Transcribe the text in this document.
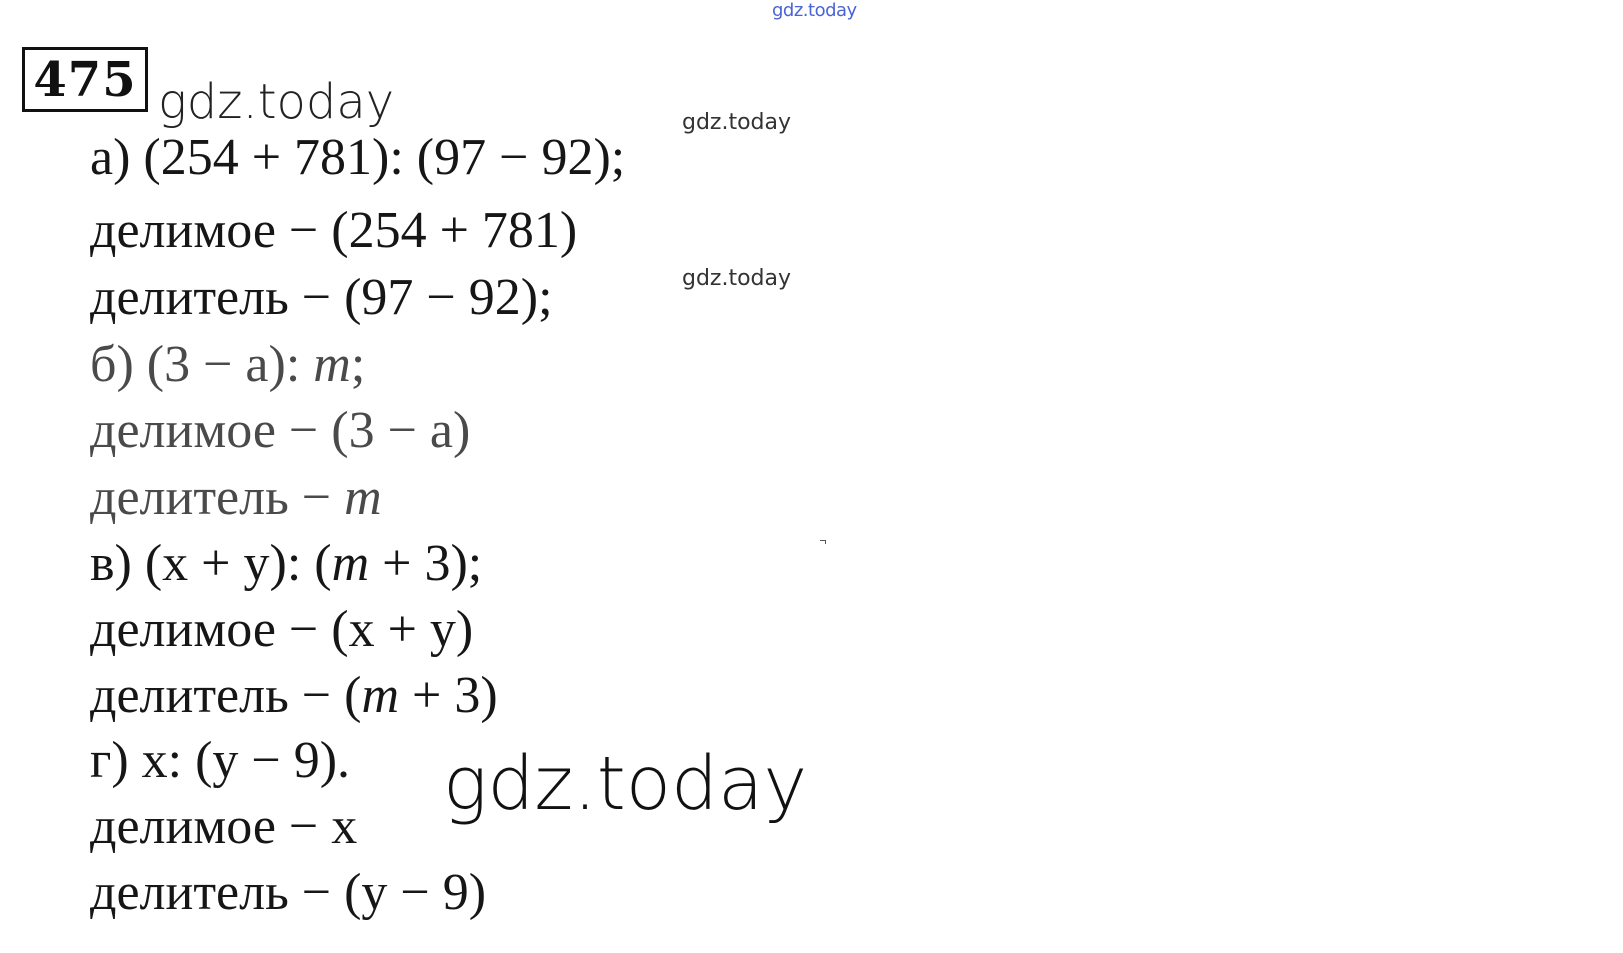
gdz.today
475 gdz.today	gdz.today
gdz.today
а) (254 + 781): (97 − 92);
делимое − (254 + 781)
делитель − (97 − 92);
б) (3 − а): m;
делимое − (3 − а)
делитель − m
в) (x + y): (m + 3);
делимое − (x + y)
делитель − (m + 3)
г) x: (y − 9). gdz.today
делимое − x
делитель − (y − 9)
